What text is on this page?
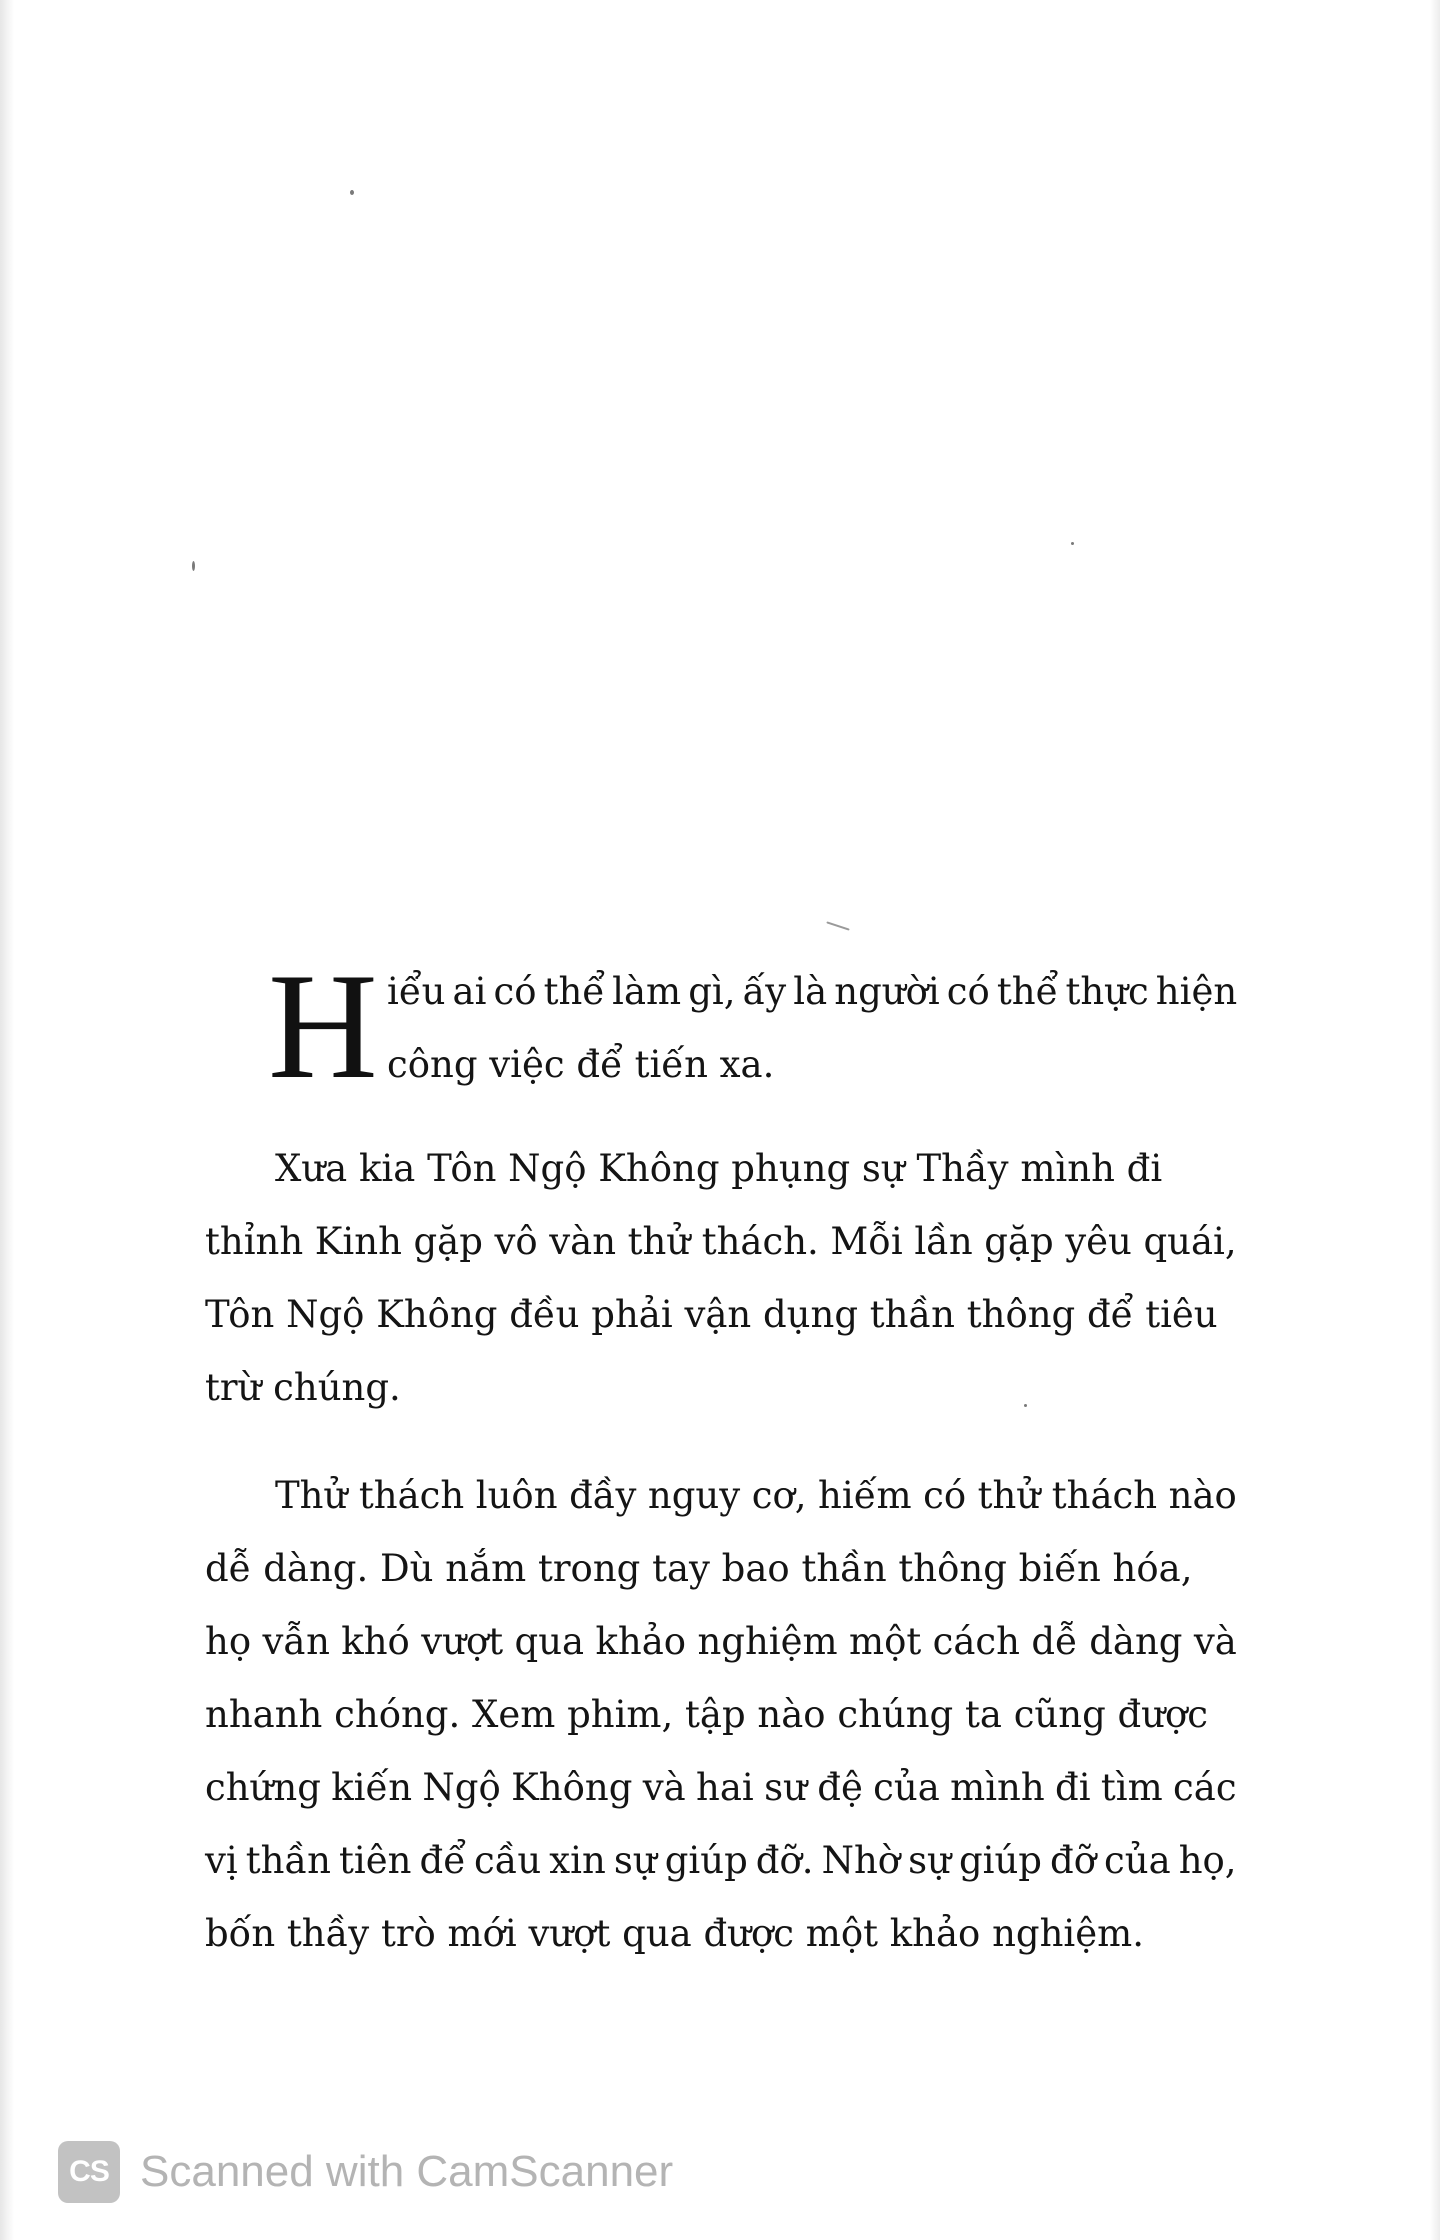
H iểu ai có thể làm gì, ấy là người có thể thực hiện
công việc để tiến xa.
Xưa kia Tôn Ngộ Không phụng sự Thầy mình đi
thỉnh Kinh gặp vô vàn thử thách. Mỗi lần gặp yêu quái,
Tôn Ngộ Không đều phải vận dụng thần thông để tiêu
trừ chúng.
Thử thách luôn đầy nguy cơ, hiếm có thử thách nào
dễ dàng. Dù nắm trong tay bao thần thông biến hóa,
họ vẫn khó vượt qua khảo nghiệm một cách dễ dàng và
nhanh chóng. Xem phim, tập nào chúng ta cũng được
chứng kiến Ngộ Không và hai sư đệ của mình đi tìm các
vị thần tiên để cầu xin sự giúp đỡ. Nhờ sự giúp đỡ của họ,
bốn thầy trò mới vượt qua được một khảo nghiệm.
CS Scanned with CamScanner
